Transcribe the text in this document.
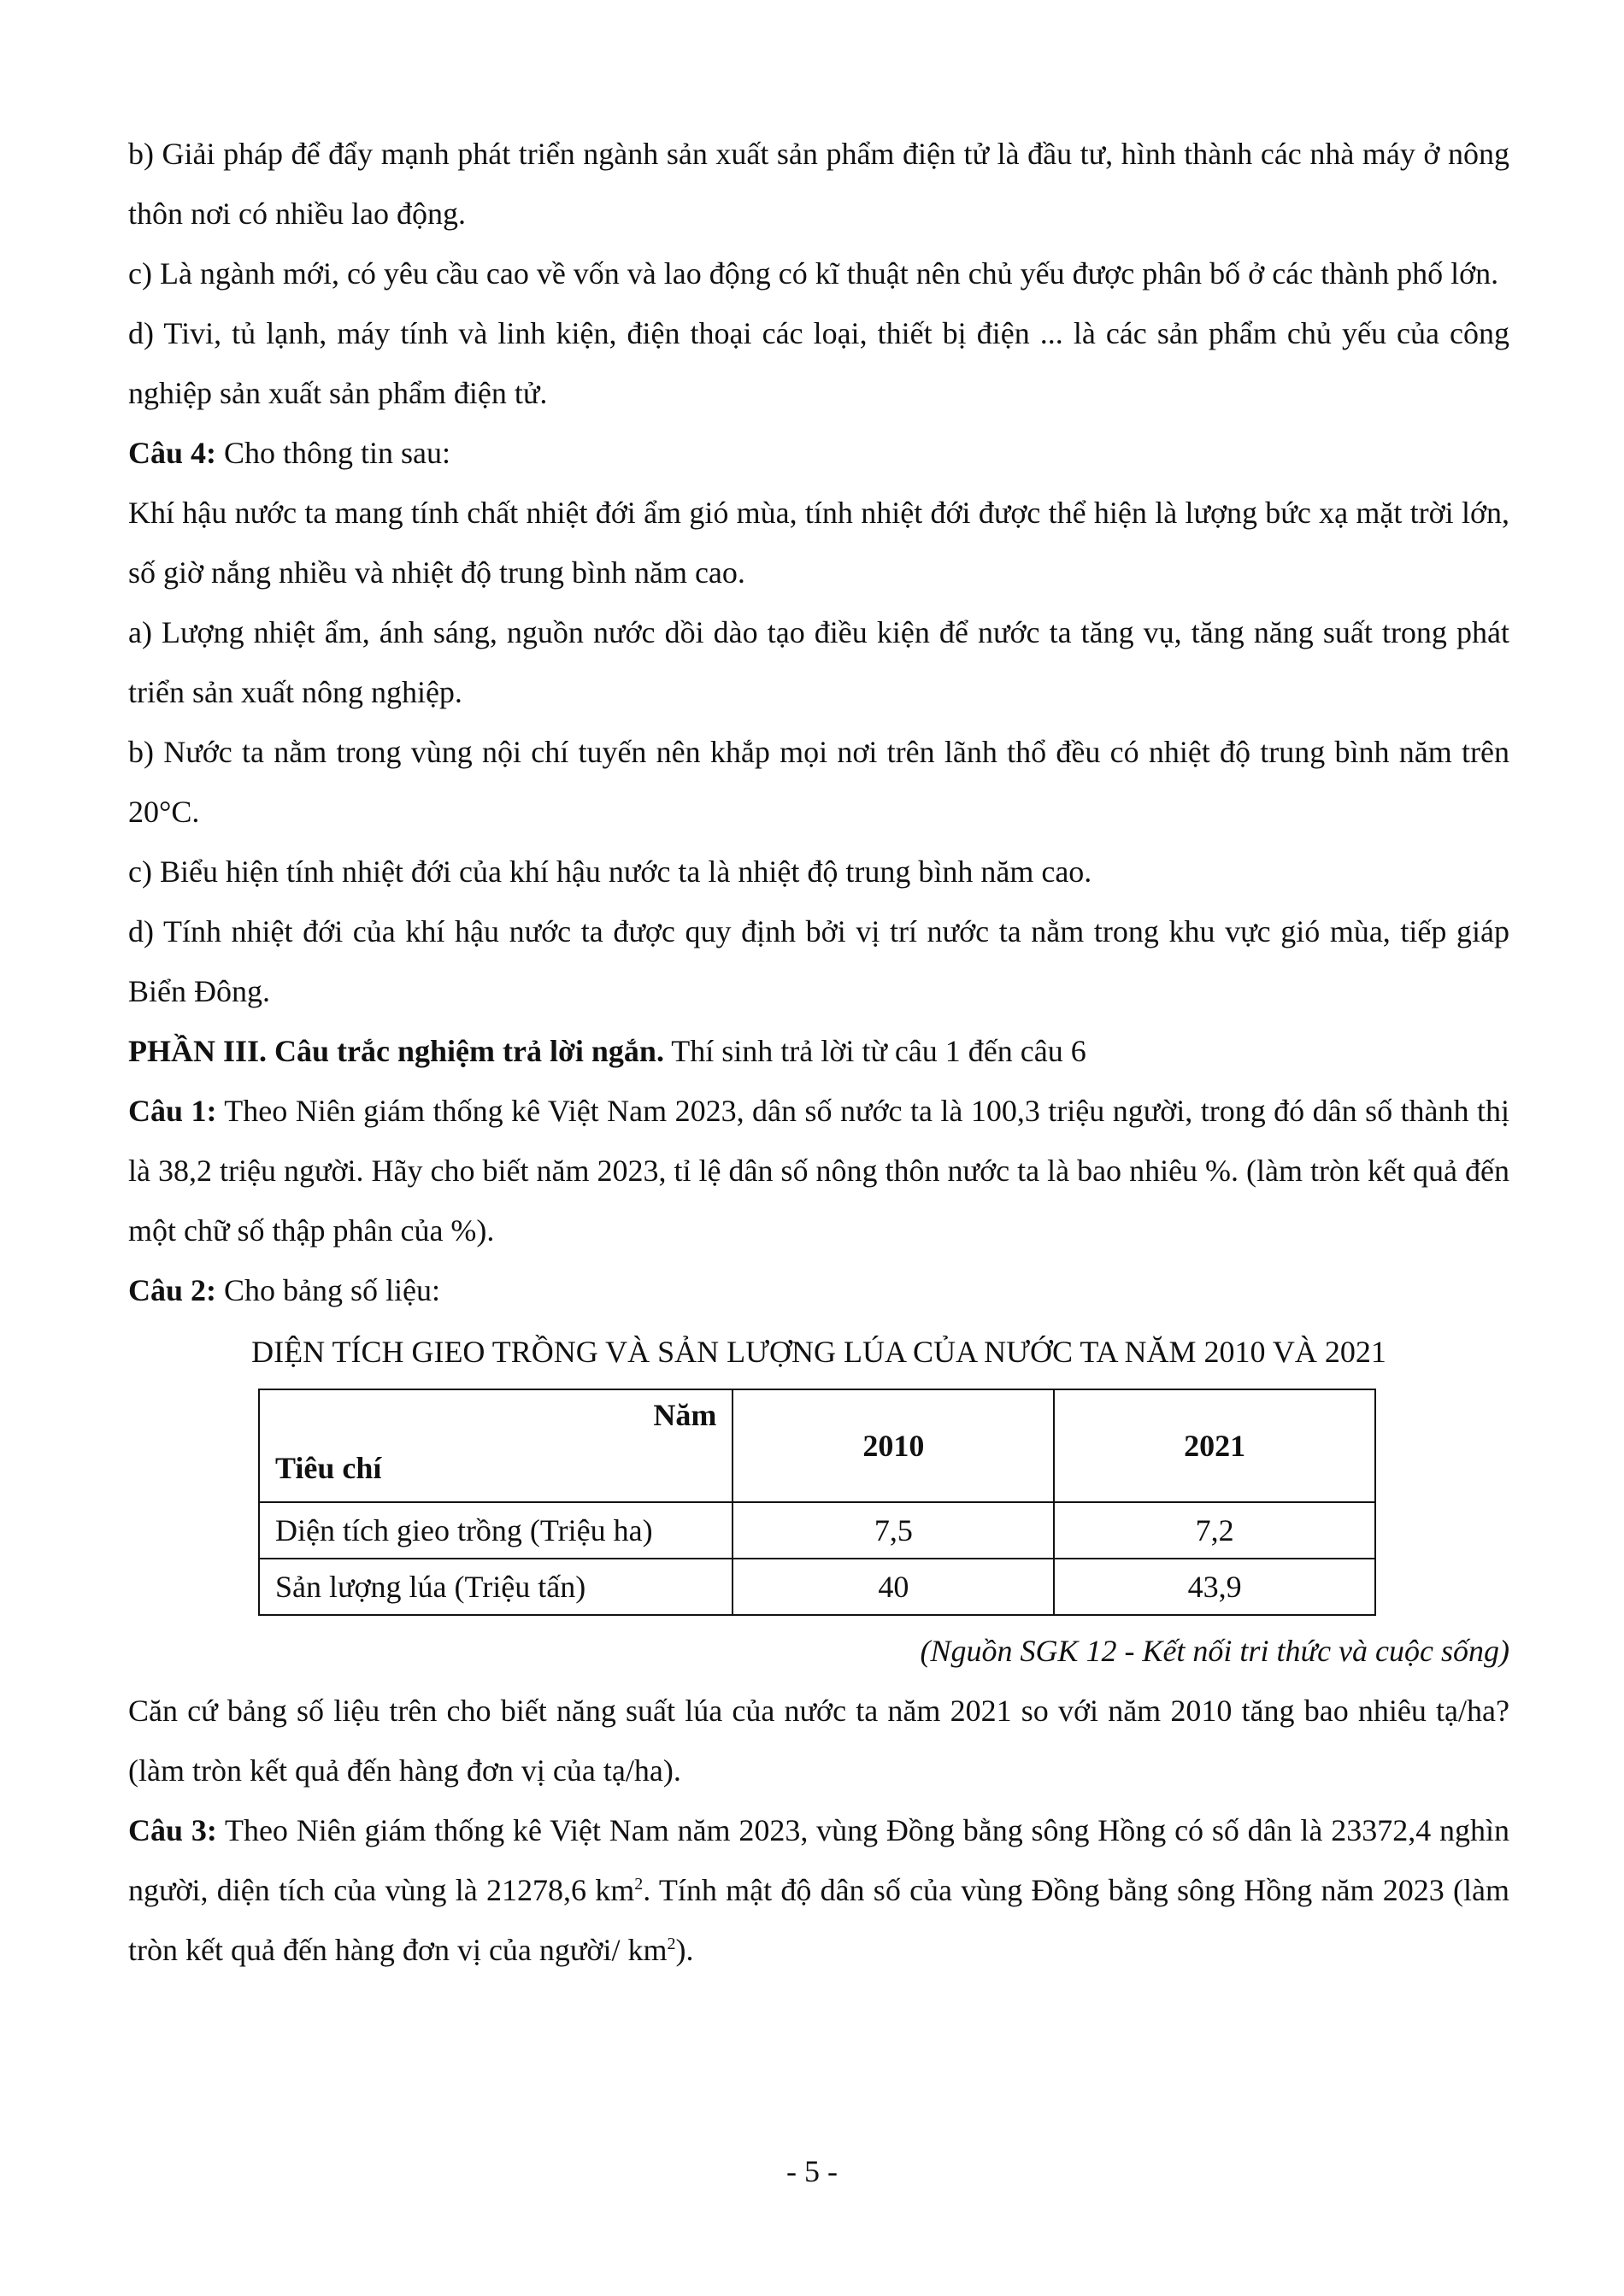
b) Giải pháp để đẩy mạnh phát triển ngành sản xuất sản phẩm điện tử là đầu tư, hình thành các nhà máy ở nông thôn nơi có nhiều lao động.

c) Là ngành mới, có yêu cầu cao về vốn và lao động có kĩ thuật nên chủ yếu được phân bố ở các thành phố lớn.

d) Tivi, tủ lạnh, máy tính và linh kiện, điện thoại các loại, thiết bị điện ... là các sản phẩm chủ yếu của công nghiệp sản xuất sản phẩm điện tử.

Câu 4: Cho thông tin sau:

Khí hậu nước ta mang tính chất nhiệt đới ẩm gió mùa, tính nhiệt đới được thể hiện là lượng bức xạ mặt trời lớn, số giờ nắng nhiều và nhiệt độ trung bình năm cao.

a) Lượng nhiệt ẩm, ánh sáng, nguồn nước dồi dào tạo điều kiện để nước ta tăng vụ, tăng năng suất trong phát triển sản xuất nông nghiệp.

b) Nước ta nằm trong vùng nội chí tuyến nên khắp mọi nơi trên lãnh thổ đều có nhiệt độ trung bình năm trên 20°C.

c) Biểu hiện tính nhiệt đới của khí hậu nước ta là nhiệt độ trung bình năm cao.

d) Tính nhiệt đới của khí hậu nước ta được quy định bởi vị trí nước ta nằm trong khu vực gió mùa, tiếp giáp Biển Đông.

PHẦN III. Câu trắc nghiệm trả lời ngắn. Thí sinh trả lời từ câu 1 đến câu 6

Câu 1: Theo Niên giám thống kê Việt Nam 2023, dân số nước ta là 100,3 triệu người, trong đó dân số thành thị là 38,2 triệu người. Hãy cho biết năm 2023, tỉ lệ dân số nông thôn nước ta là bao nhiêu %. (làm tròn kết quả đến một chữ số thập phân của %).

Câu 2: Cho bảng số liệu:

DIỆN TÍCH GIEO TRỒNG VÀ SẢN LƯỢNG LÚA CỦA NƯỚC TA NĂM 2010 VÀ 2021

Năm
Tiêu chí	2010	2021
Diện tích gieo trồng (Triệu ha)	7,5	7,2
Sản lượng lúa (Triệu tấn)	40	43,9

(Nguồn SGK 12 - Kết nối tri thức và cuộc sống)

Căn cứ bảng số liệu trên cho biết năng suất lúa của nước ta năm 2021 so với năm 2010 tăng bao nhiêu tạ/ha? (làm tròn kết quả đến hàng đơn vị của tạ/ha).

Câu 3: Theo Niên giám thống kê Việt Nam năm 2023, vùng Đồng bằng sông Hồng có số dân là 23372,4 nghìn người, diện tích của vùng là 21278,6 $km^2$. Tính mật độ dân số của vùng Đồng bằng sông Hồng năm 2023 (làm tròn kết quả đến hàng đơn vị của người/ $km^2$).

- 5 -
